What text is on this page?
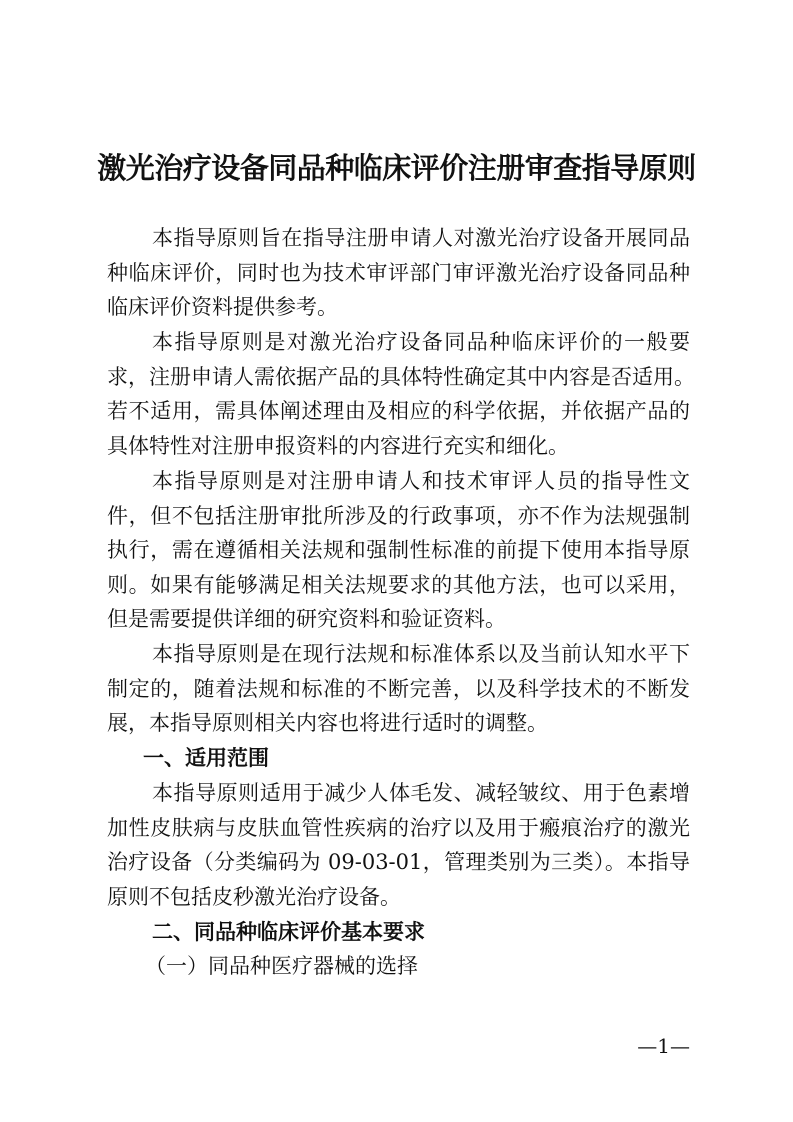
激光治疗设备同品种临床评价注册审查指导原则
本指导原则旨在指导注册申请人对激光治疗设备开展同品
种临床评价，同时也为技术审评部门审评激光治疗设备同品种
临床评价资料提供参考。
本指导原则是对激光治疗设备同品种临床评价的一般要
求，注册申请人需依据产品的具体特性确定其中内容是否适用。
若不适用，需具体阐述理由及相应的科学依据，并依据产品的
具体特性对注册申报资料的内容进行充实和细化。
本指导原则是对注册申请人和技术审评人员的指导性文
件，但不包括注册审批所涉及的行政事项，亦不作为法规强制
执行，需在遵循相关法规和强制性标准的前提下使用本指导原
则。如果有能够满足相关法规要求的其他方法，也可以采用，
但是需要提供详细的研究资料和验证资料。
本指导原则是在现行法规和标准体系以及当前认知水平下
制定的，随着法规和标准的不断完善，以及科学技术的不断发
展，本指导原则相关内容也将进行适时的调整。
一、适用范围
本指导原则适用于减少人体毛发、减轻皱纹、用于色素增
加性皮肤病与皮肤血管性疾病的治疗以及用于瘢痕治疗的激光
治疗设备（分类编码为 09-03-01，管理类别为三类）。本指导
原则不包括皮秒激光治疗设备。
二、同品种临床评价基本要求
（一）同品种医疗器械的选择
—1—
